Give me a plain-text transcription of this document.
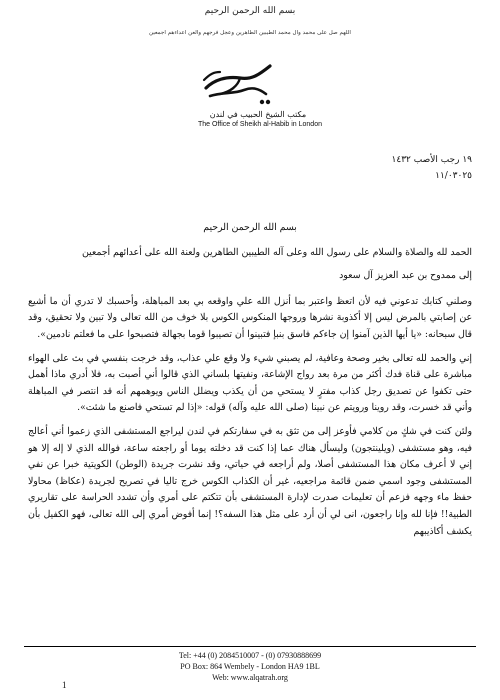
بسم الله الرحمن الرحيم
اللهم صل على محمد وآل محمد الطيبين الطاهرين وعجل فرجهم والعن أعداءهم أجمعين
مكتب الشيخ الحبيب في لندن
The Office of Sheikh al-Habib in London
١٩ رجب الأصب ١٤٣٢
١١/٠٣٠٢٥

بسم الله الرحمن الرحيم

الحمد لله والصلاة والسلام على رسول الله وعلى آله الطيبين الطاهرين ولعنة الله على أعدائهم أجمعين

إلى ممدوح بن عبد العزيز آل سعود

وصلني كتابك تدعوني فيه لأن اتعظ واعتبر بما أنزل الله علي واوقعه بي بعد المباهلة، وأحسبك لا تدري أن ما أشيع عن إصابتي بالمرض ليس إلا أكذوبة نشرها وروجها المنكوس الكوس بلا خوف من الله تعالى ولا تبين ولا تحقيق، وقد قال سبحانه: «يا أيها الذين آمنوا إن جاءكم فاسق بنبإ فتبينوا أن تصيبوا قوما بجهالة فتصبحوا على ما فعلتم نادمين».

إني والحمد لله تعالى بخير وصحة وعافية، لم يصبني شيء ولا وقع علي عذاب، وقد خرجت بنفسي في بث على الهواء مباشرة على قناة فدك أكثر من مرة بعد رواج الإشاعة، ونفيتها بلساني الذي قالوا أني أصبت به، فلا أدري ماذا أهمل حتى تكفوا عن تصديق رجل كذاب مفترٍ لا يستحي من أن يكذب ويضلل الناس ويوهمهم أنه قد انتصر في المباهلة وأني قد خسرت، وقد روينا ورويتم عن نبينا (صلى الله عليه وآله) قوله: «إذا لم تستحي فاصنع ما شئت».

ولئن كنت في شكٍ من كلامي فأوعز إلى من تثق به في سفارتكم في لندن ليراجع المستشفى الذي زعموا أني أعالج فيه، وهو مستشفى (ويلينتجون) وليسأل هناك عما إذا كنت قد دخلته يوما أو راجعته ساعة، فوالله الذي لا إله إلا هو إني لا أعرف مكان هذا المستشفى أصلا، ولم أراجعه في حياتي، وقد نشرت جريدة (الوطن) الكويتية خبرا عن نفي المستشفى وجود اسمي ضمن قائمة مراجعيه، غير أن الكذاب الكوس خرج تاليا في تصريح لجريدة (عكاظ) محاولا حفظ ماء وجهه فزعم أن تعليمات صدرت لإدارة المستشفى بأن تتكتم على أمري وأن تشدد الحراسة على تقاريري الطبية!! فإنا لله وإنا راجعون، انى لي أن أرد على مثل هذا السفه؟! إنما أفوض أمري إلى الله تعالى، فهو الكفيل بأن يكشف أكاذيبهم

Tel: +44 (0) 2084510007 - (0) 07930888699
PO Box: 864 Wembely - London HA9 1BL
Web: www.alqatrah.org
1
